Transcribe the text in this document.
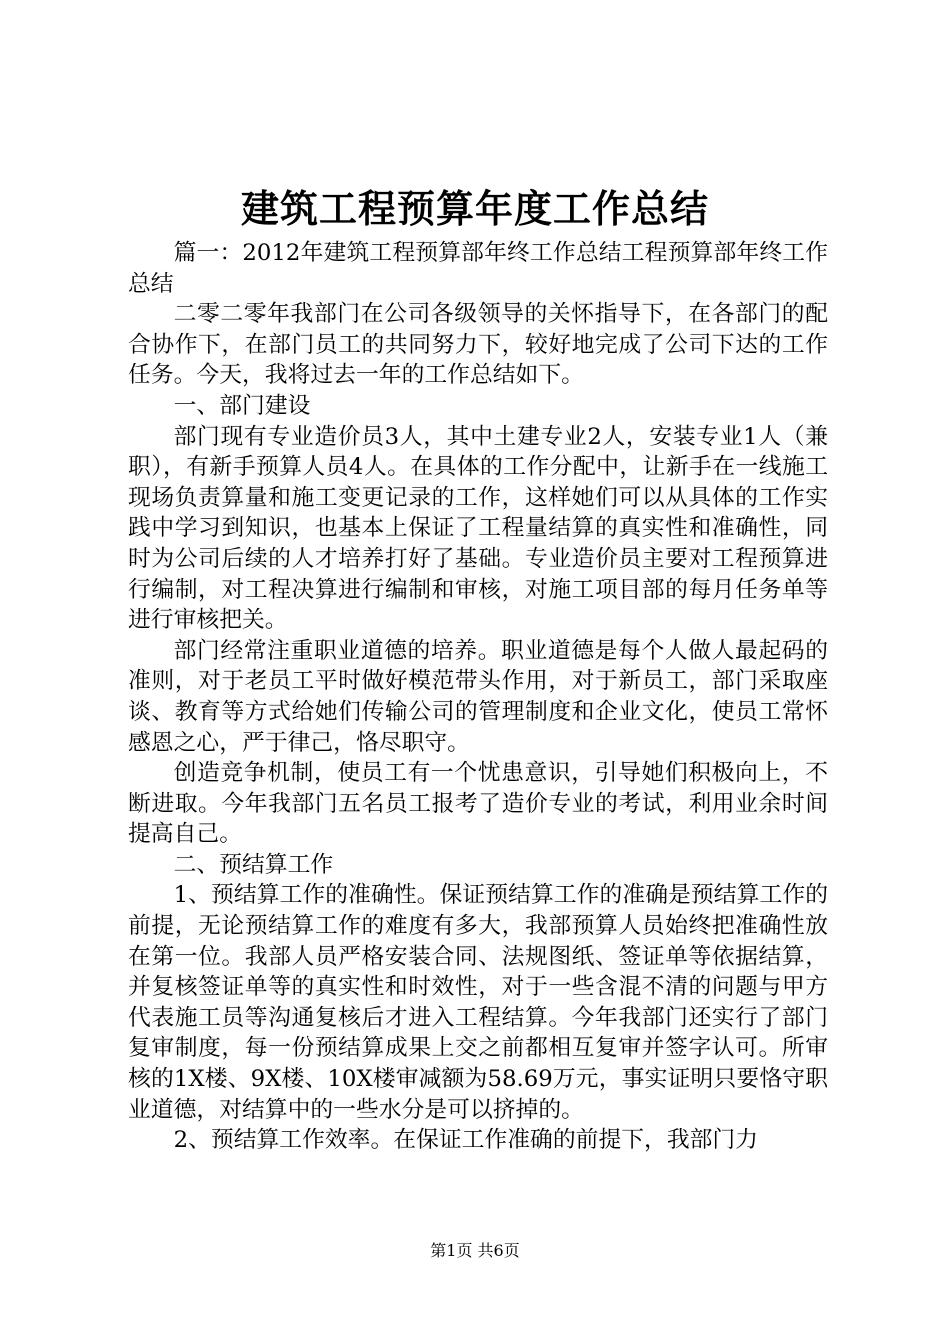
建筑工程预算年度工作总结

篇一：2012年建筑工程预算部年终工作总结工程预算部年终工作总结

二零二零年我部门在公司各级领导的关怀指导下，在各部门的配合协作下，在部门员工的共同努力下，较好地完成了公司下达的工作任务。今天，我将过去一年的工作总结如下。

一、部门建设

部门现有专业造价员3人，其中土建专业2人，安装专业1人（兼职），有新手预算人员4人。在具体的工作分配中，让新手在一线施工现场负责算量和施工变更记录的工作，这样她们可以从具体的工作实践中学习到知识，也基本上保证了工程量结算的真实性和准确性，同时为公司后续的人才培养打好了基础。专业造价员主要对工程预算进行编制，对工程决算进行编制和审核，对施工项目部的每月任务单等进行审核把关。

部门经常注重职业道德的培养。职业道德是每个人做人最起码的准则，对于老员工平时做好模范带头作用，对于新员工，部门采取座谈、教育等方式给她们传输公司的管理制度和企业文化，使员工常怀感恩之心，严于律己，恪尽职守。

创造竞争机制，使员工有一个忧患意识，引导她们积极向上，不断进取。今年我部门五名员工报考了造价专业的考试，利用业余时间提高自己。

二、预结算工作

1、预结算工作的准确性。保证预结算工作的准确是预结算工作的前提，无论预结算工作的难度有多大，我部预算人员始终把准确性放在第一位。我部人员严格安装合同、法规图纸、签证单等依据结算，并复核签证单等的真实性和时效性，对于一些含混不清的问题与甲方代表施工员等沟通复核后才进入工程结算。今年我部门还实行了部门复审制度，每一份预结算成果上交之前都相互复审并签字认可。所审核的1X楼、9X楼、10X楼审减额为58.69万元，事实证明只要恪守职业道德，对结算中的一些水分是可以挤掉的。

2、预结算工作效率。在保证工作准确的前提下，我部门力

第1页 共6页
